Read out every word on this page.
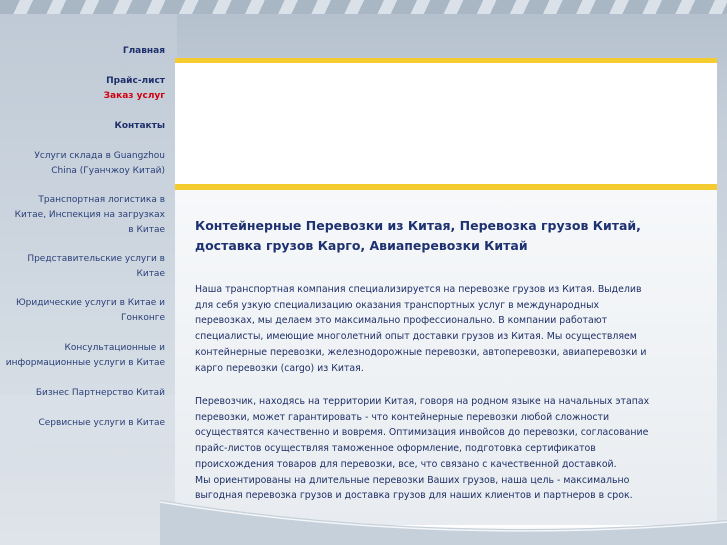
Главная
Прайс-лист
Заказ услуг
Контакты
Услуги склада в Guangzhou
China (Гуанчжоу Китай)
Транспортная логистика в
Китае, Инспекция на загрузках
в Китае
Представительские услуги в
Китае
Юридические услуги в Китае и
Гонконге
Консультационные и
информационные услуги в Китае
Бизнес Партнерство Китай
Сервисные услуги в Китае
Контейнерные Перевозки из Китая, Перевозка грузов Китай,
доставка грузов Карго, Авиаперевозки Китай

Наша транспортная компания специализируется на перевозке грузов из Китая. Выделив
для себя узкую специализацию оказания транспортных услуг в международных
перевозках, мы делаем это максимально профессионально. В компании работают
специалисты, имеющие многолетний опыт доставки грузов из Китая. Мы осуществляем
контейнерные перевозки, железнодорожные перевозки, автоперевозки, авиаперевозки и
карго перевозки (cargo) из Китая.

Перевозчик, находясь на территории Китая, говоря на родном языке на начальных этапах
перевозки, может гарантировать - что контейнерные перевозки любой сложности
осуществятся качественно и вовремя. Оптимизация инвойсов до перевозки, согласование
прайс-листов осуществляя таможенное оформление, подготовка сертификатов
происхождения товаров для перевозки, все, что связано с качественной доставкой.
Мы ориентированы на длительные перевозки Ваших грузов, наша цель - максимально
выгодная перевозка грузов и доставка грузов для наших клиентов и партнеров в срок.
